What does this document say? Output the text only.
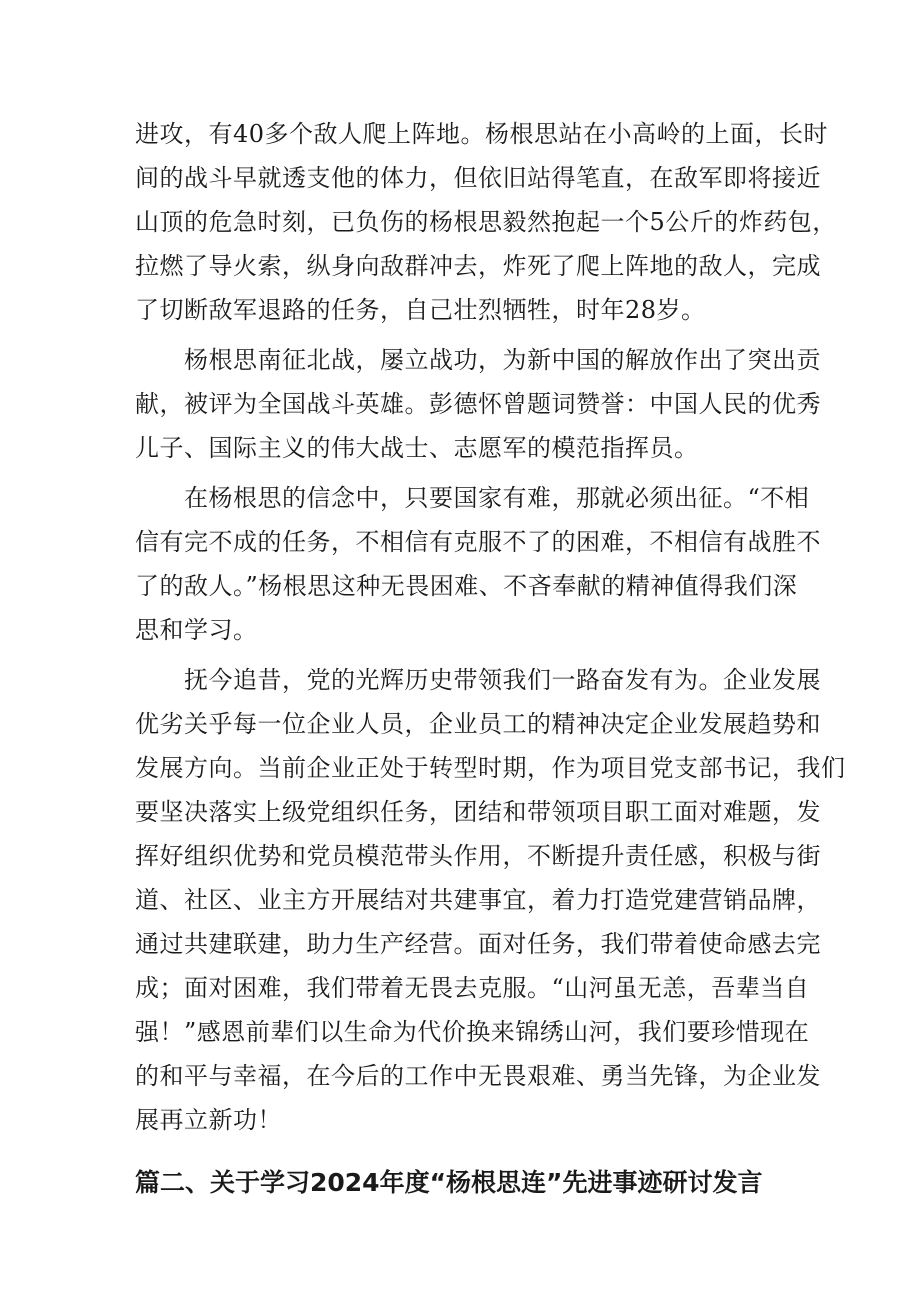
进攻，有40多个敌人爬上阵地。杨根思站在小高岭的上面，长时
间的战斗早就透支他的体力，但依旧站得笔直，在敌军即将接近
山顶的危急时刻，已负伤的杨根思毅然抱起一个5公斤的炸药包，
拉燃了导火索，纵身向敌群冲去，炸死了爬上阵地的敌人，完成
了切断敌军退路的任务，自己壮烈牺牲，时年28岁。
　　杨根思南征北战，屡立战功，为新中国的解放作出了突出贡
献，被评为全国战斗英雄。彭德怀曾题词赞誉：中国人民的优秀
儿子、国际主义的伟大战士、志愿军的模范指挥员。
　　在杨根思的信念中，只要国家有难，那就必须出征。“不相
信有完不成的任务，不相信有克服不了的困难，不相信有战胜不
了的敌人。”杨根思这种无畏困难、不吝奉献的精神值得我们深
思和学习。
　　抚今追昔，党的光辉历史带领我们一路奋发有为。企业发展
优劣关乎每一位企业人员，企业员工的精神决定企业发展趋势和
发展方向。当前企业正处于转型时期，作为项目党支部书记，我们
要坚决落实上级党组织任务，团结和带领项目职工面对难题，发
挥好组织优势和党员模范带头作用，不断提升责任感，积极与街
道、社区、业主方开展结对共建事宜，着力打造党建营销品牌，
通过共建联建，助力生产经营。面对任务，我们带着使命感去完
成；面对困难，我们带着无畏去克服。“山河虽无恙，吾辈当自
强！”感恩前辈们以生命为代价换来锦绣山河，我们要珍惜现在
的和平与幸福，在今后的工作中无畏艰难、勇当先锋，为企业发
展再立新功！
篇二、关于学习2024年度“杨根思连”先进事迹研讨发言
